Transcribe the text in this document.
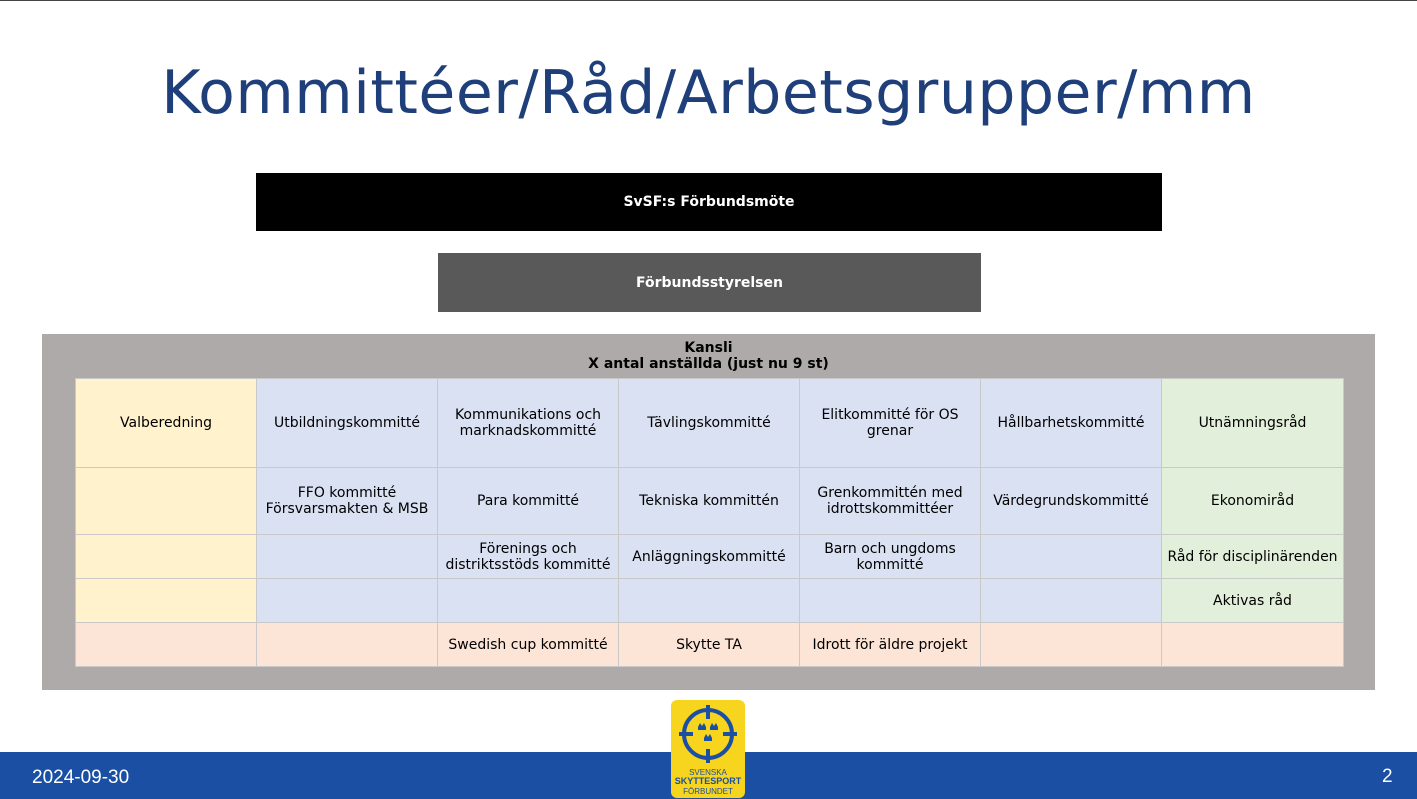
Kommittéer/Råd/Arbetsgrupper/mm
SvSF:s Förbundsmöte
Förbundsstyrelsen
Kansli
X antal anställda (just nu 9 st)
Valberedning	Utbildningskommitté	Kommunikations och marknadskommitté	Tävlingskommitté	Elitkommitté för OS grenar	Hållbarhetskommitté	Utnämningsråd
	FFO kommitté Försvarsmakten & MSB	Para kommitté	Tekniska kommittén	Grenkommittén med idrottskommittéer	Värdegrundskommitté	Ekonomiråd
		Förenings och distriktsstöds kommitté	Anläggningskommitté	Barn och ungdoms kommitté		Råd för disciplinärenden
						Aktivas råd
		Swedish cup kommitté	Skytte TA	Idrott för äldre projekt		
2024-09-30	2
SVENSKA
SKYTTESPORT
FÖRBUNDET
